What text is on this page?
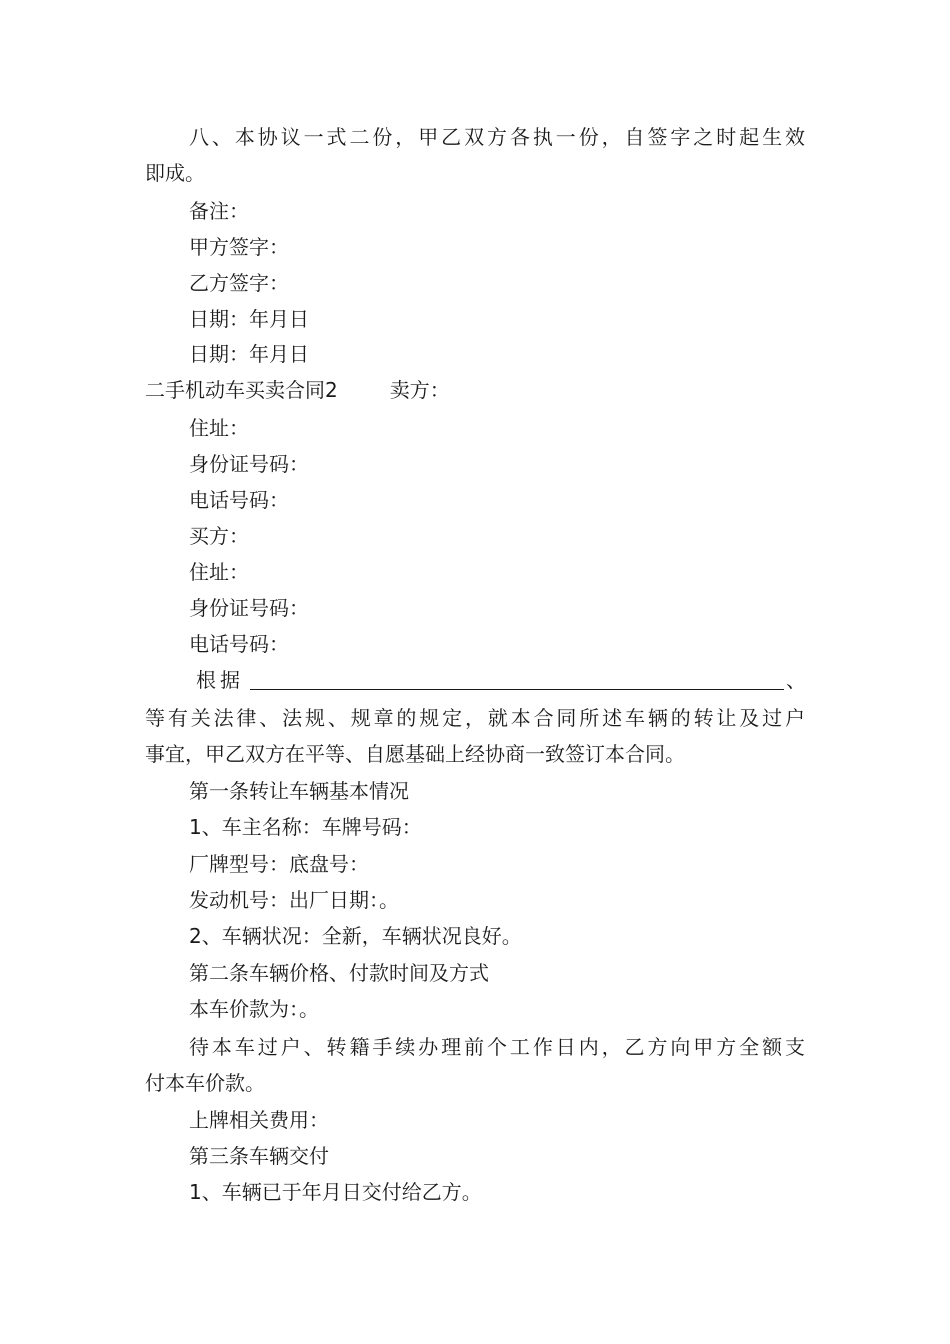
八、本协议一式二份，甲乙双方各执一份，自签字之时起生效
即成。
备注：
甲方签字：
乙方签字：
日期：年月日
日期：年月日
二手机动车买卖合同2	卖方：
住址：
身份证号码：
电话号码：
买方：
住址：
身份证号码：
电话号码：
根据	、
等有关法律、法规、规章的规定，就本合同所述车辆的转让及过户
事宜，甲乙双方在平等、自愿基础上经协商一致签订本合同。
第一条转让车辆基本情况
1、车主名称：车牌号码：
厂牌型号：底盘号：
发动机号：出厂日期：。
2、车辆状况：全新，车辆状况良好。
第二条车辆价格、付款时间及方式
本车价款为：。
待本车过户、转籍手续办理前个工作日内，乙方向甲方全额支
付本车价款。
上牌相关费用：
第三条车辆交付
1、车辆已于年月日交付给乙方。
